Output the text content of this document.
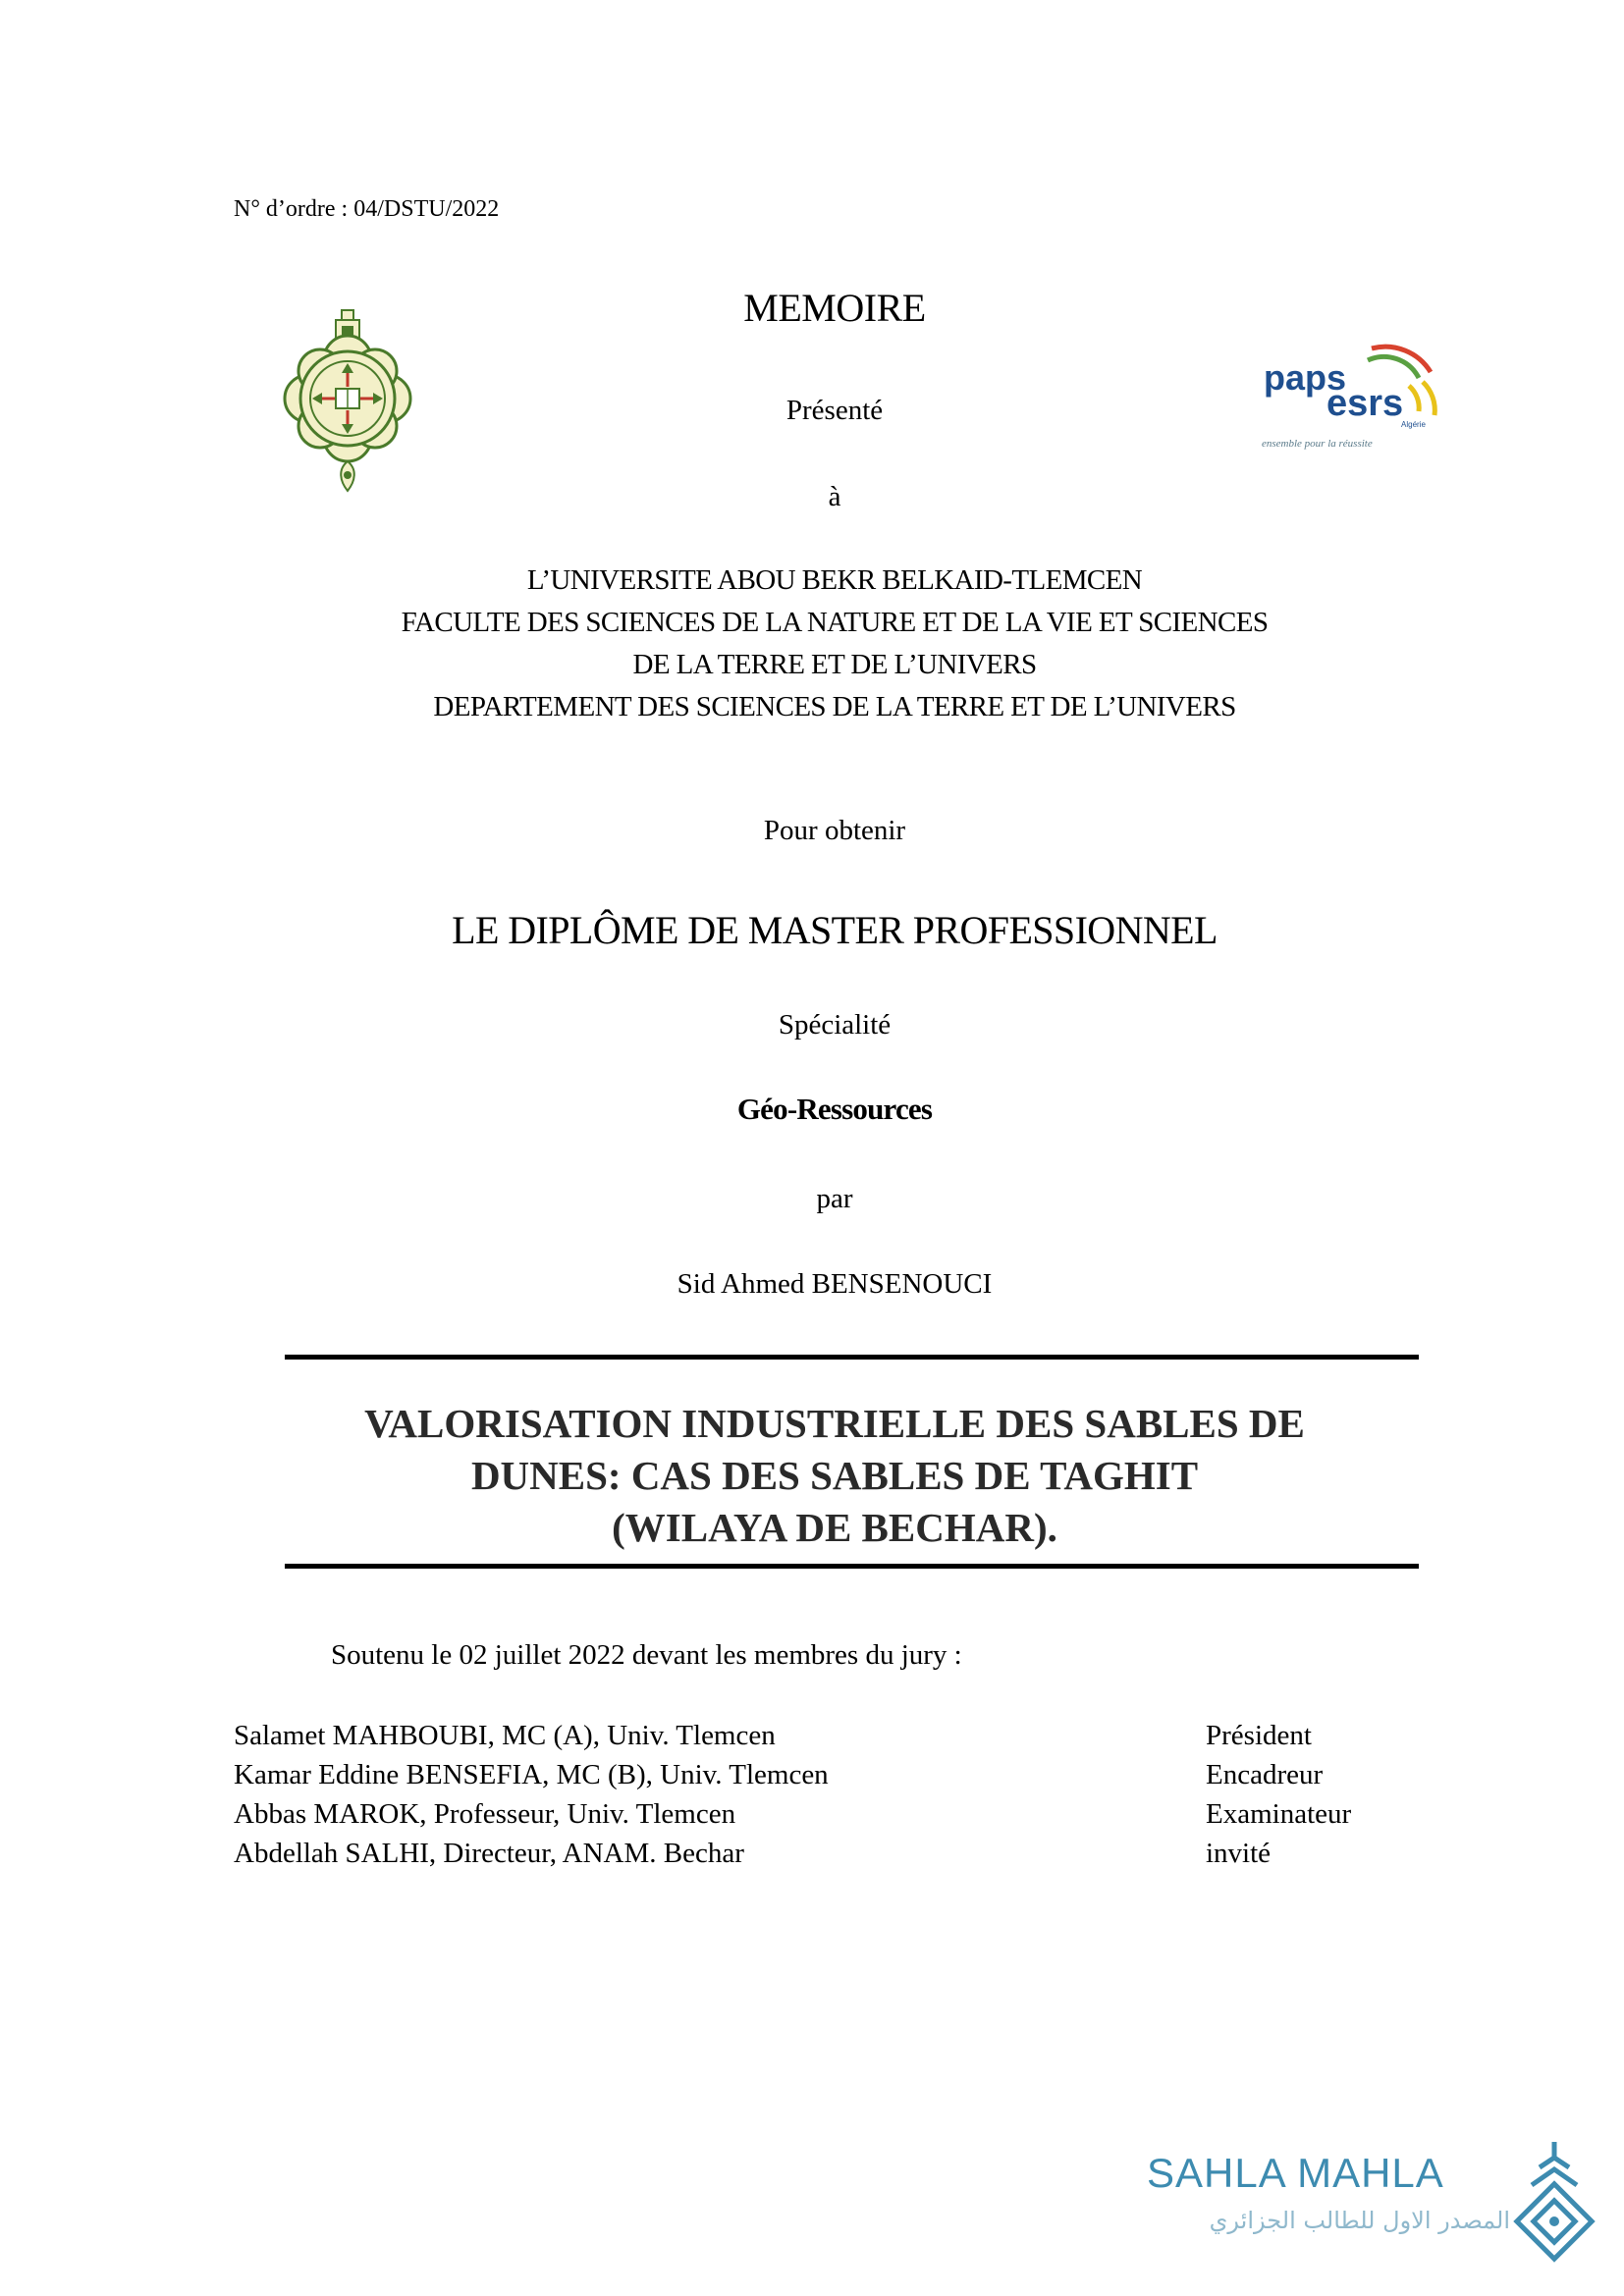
N° d’ordre : 04/DSTU/2022
paps
esrs
Algérie
ensemble pour la réussite
MEMOIRE
Présenté
à
L’UNIVERSITE ABOU BEKR BELKAID-TLEMCEN
FACULTE DES SCIENCES DE LA NATURE ET DE LA VIE ET SCIENCES
DE LA TERRE ET DE L’UNIVERS
DEPARTEMENT DES SCIENCES DE LA TERRE ET DE L’UNIVERS
Pour obtenir
LE DIPLÔME DE MASTER PROFESSIONNEL
Spécialité
Géo-Ressources
par
Sid Ahmed BENSENOUCI
VALORISATION INDUSTRIELLE DES SABLES DE
DUNES: CAS DES SABLES DE TAGHIT
(WILAYA DE BECHAR).
Soutenu le 02 juillet 2022 devant les membres du jury :
Salamet MAHBOUBI, MC (A), Univ. Tlemcen	Président
Kamar Eddine BENSEFIA, MC (B), Univ. Tlemcen	Encadreur
Abbas MAROK, Professeur, Univ. Tlemcen	Examinateur
Abdellah SALHI, Directeur, ANAM. Bechar	invité
SAHLA MAHLA
المصدر الاول للطالب الجزائري
